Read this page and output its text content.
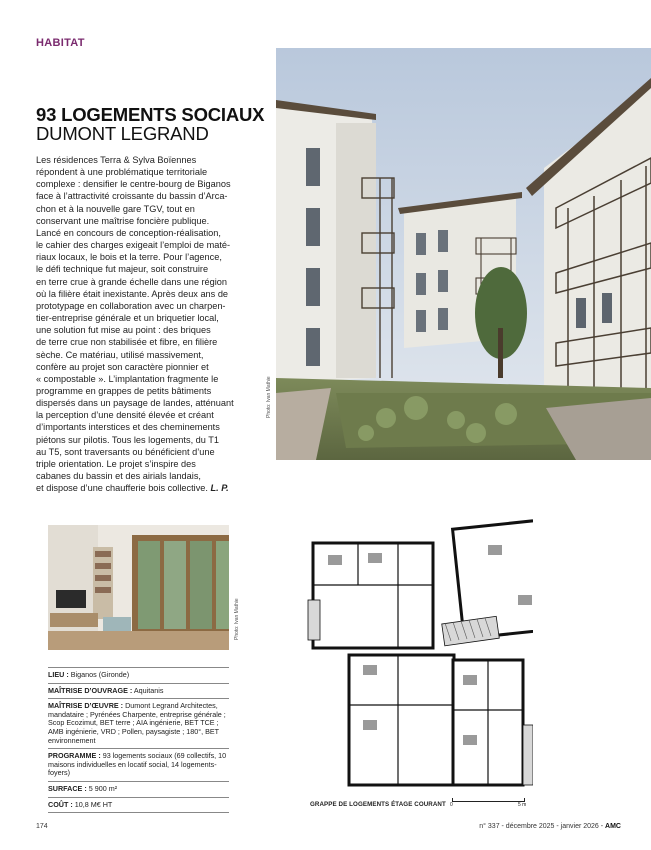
HABITAT
93 LOGEMENTS SOCIAUX
DUMONT LEGRAND
Les résidences Terra & Sylva Boïennes
répondent à une problématique territoriale
complexe : densifier le centre-bourg de Biganos
face à l’attractivité croissante du bassin d’Arca-
chon et à la nouvelle gare TGV, tout en
conservant une maîtrise foncière publique.
Lancé en concours de conception-réalisation,
le cahier des charges exigeait l’emploi de maté-
riaux locaux, le bois et la terre. Pour l’agence,
le défi technique fut majeur, soit construire
en terre crue à grande échelle dans une région
où la filière était inexistante. Après deux ans de
prototypage en collaboration avec un charpen-
tier-entreprise générale et un briquetier local,
une solution fut mise au point : des briques
de terre crue non stabilisée et fibre, en filière
sèche. Ce matériau, utilisé massivement,
confère au projet son caractère pionnier et
« compostable ». L’implantation fragmente le
programme en grappes de petits bâtiments
dispersés dans un paysage de landes, atténuant
la perception d’une densité élevée et créant
d’importants interstices et des cheminements
piétons sur pilotis. Tous les logements, du T1
au T5, sont traversants ou bénéficient d’une
triple orientation. Le projet s’inspire des
cabanes du bassin et des airials landais,
et dispose d’une chaufferie bois collective. L. P.
Photo: Ivan Mathie
Photo: Ivan Mathie
GRAPPE DE LOGEMENTS ÉTAGE COURANT 0	5 m
LIEU : Biganos (Gironde)
MAÎTRISE D’OUVRAGE : Aquitanis
MAÎTRISE D’ŒUVRE : Dumont Legrand Architectes, mandataire ; Pyrénées Charpente, entreprise générale ; Scop Ecozimut, BET terre ; AIA ingénierie, BET TCE ; AMB ingénierie, VRD ; Pollen, paysagiste ; 180°, BET environnement
PROGRAMME : 93 logements sociaux (69 collectifs, 10 maisons individuelles en locatif social, 14 logements-foyers)
SURFACE : 5 900 m²
COÛT : 10,8 M€ HT
174	n° 337 - décembre 2025 - janvier 2026 - AMC
